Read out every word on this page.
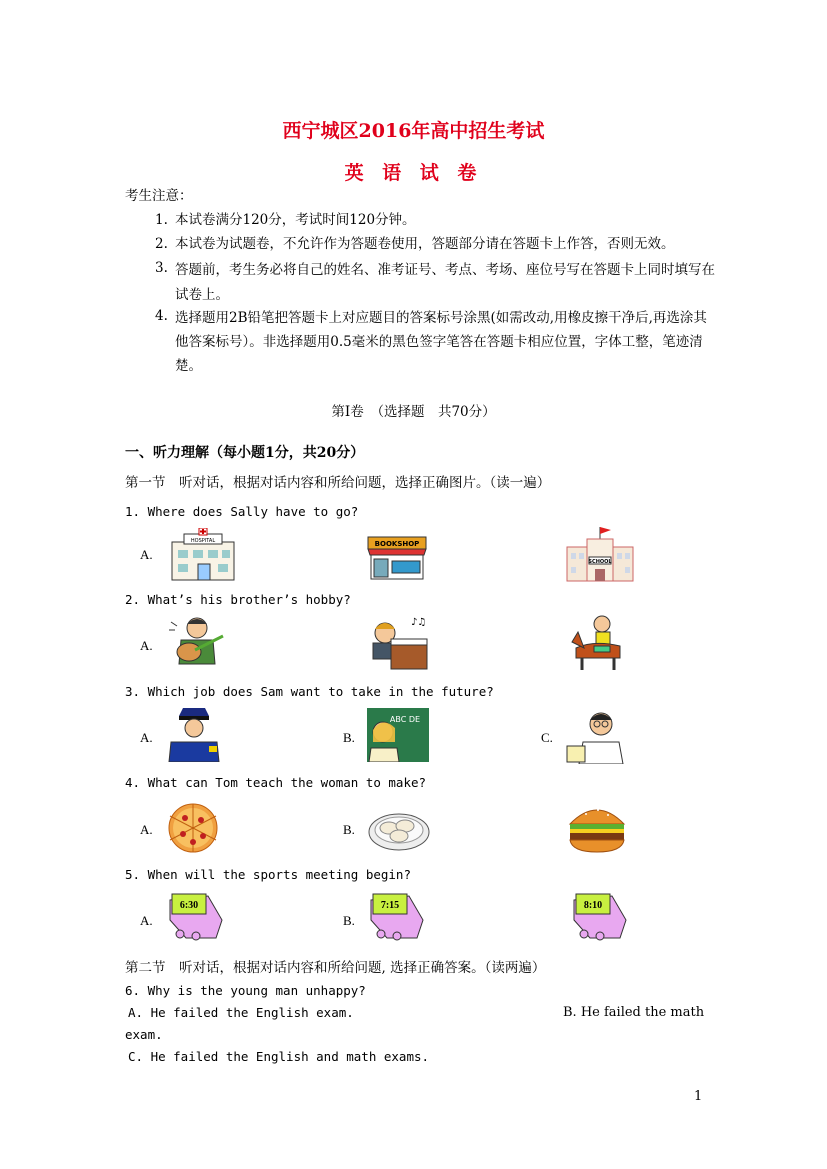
西宁城区2016年高中招生考试
英 语 试 卷
考生注意：
1. 本试卷满分120分，考试时间120分钟。
2. 本试卷为试题卷，不允许作为答题卷使用，答题部分请在答题卡上作答，否则无效。
3. 答题前，考生务必将自己的姓名、准考证号、考点、考场、座位号写在答题卡上同时填写在试卷上。
4. 选择题用2B铅笔把答题卡上对应题目的答案标号涂黑(如需改动,用橡皮擦干净后,再选涂其他答案标号）。非选择题用0.5毫米的黑色签字笔答在答题卡相应位置，字体工整，笔迹清楚。
第Ⅰ卷　（选择题　共70分）
一、听力理解（每小题1分，共20分）
第一节　听对话，根据对话内容和所给问题，选择正确图片。（读一遍）
1. Where does Sally have to go?
A.
HOSPITAL	BOOKSHOP
SCHOOL
2. What’s his brother’s hobby?
A.
♪♫
3. Which job does Sam want to take in the future?
A.	B.	C.
ABC DE
4. What can Tom teach the woman to make?
A.	B.
5. When will the sports meeting begin?
A.	B.
6:30	7:15	8:10
第二节　听对话，根据对话内容和所给问题, 选择正确答案。（读两遍）
6. Why is the young man unhappy?
A. He failed the English exam.	B. He failed the math
exam.
C. He failed the English and math exams.
1
